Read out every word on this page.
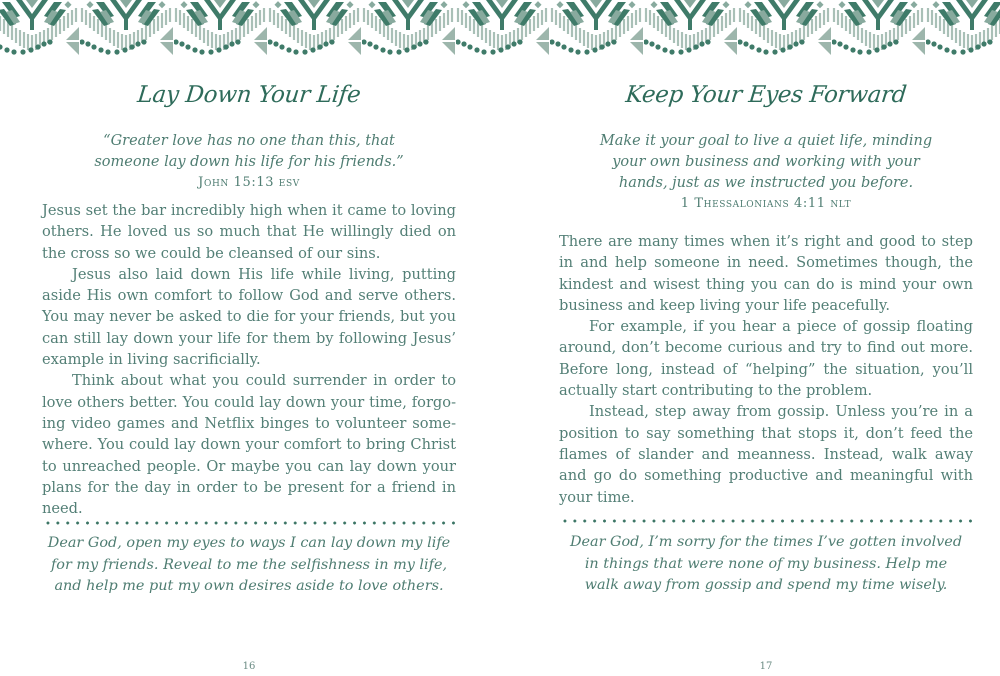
Lay Down Your Life
“Greater love has no one than this, that
someone lay down his life for his friends.”
John 15:13 esv

Jesus set the bar incredibly high when it came to loving others. He loved us so much that He willingly died on the cross so we could be cleansed of our sins.

Jesus also laid down His life while living, putting aside His own comfort to follow God and serve others. You may never be asked to die for your friends, but you can still lay down your life for them by following Jesus’ example in living sacrificially.

Think about what you could surrender in order to love others better. You could lay down your time, forgoing video games and Netflix binges to volunteer somewhere. You could lay down your comfort to bring Christ to unreached people. Or maybe you can lay down your plans for the day in order to be present for a friend in need.

Dear God, open my eyes to ways I can lay down my life
for my friends. Reveal to me the selfishness in my life,
and help me put my own desires aside to love others.
16
Keep Your Eyes Forward
Make it your goal to live a quiet life, minding
your own business and working with your
hands, just as we instructed you before.
1 Thessalonians 4:11 nlt

There are many times when it’s right and good to step in and help someone in need. Sometimes though, the kindest and wisest thing you can do is mind your own business and keep living your life peacefully.

For example, if you hear a piece of gossip floating around, don’t become curious and try to find out more. Before long, instead of “helping” the situation, you’ll actually start contributing to the problem.

Instead, step away from gossip. Unless you’re in a position to say something that stops it, don’t feed the flames of slander and meanness. Instead, walk away and go do something productive and meaningful with your time.

Dear God, I’m sorry for the times I’ve gotten involved
in things that were none of my business. Help me
walk away from gossip and spend my time wisely.
17
